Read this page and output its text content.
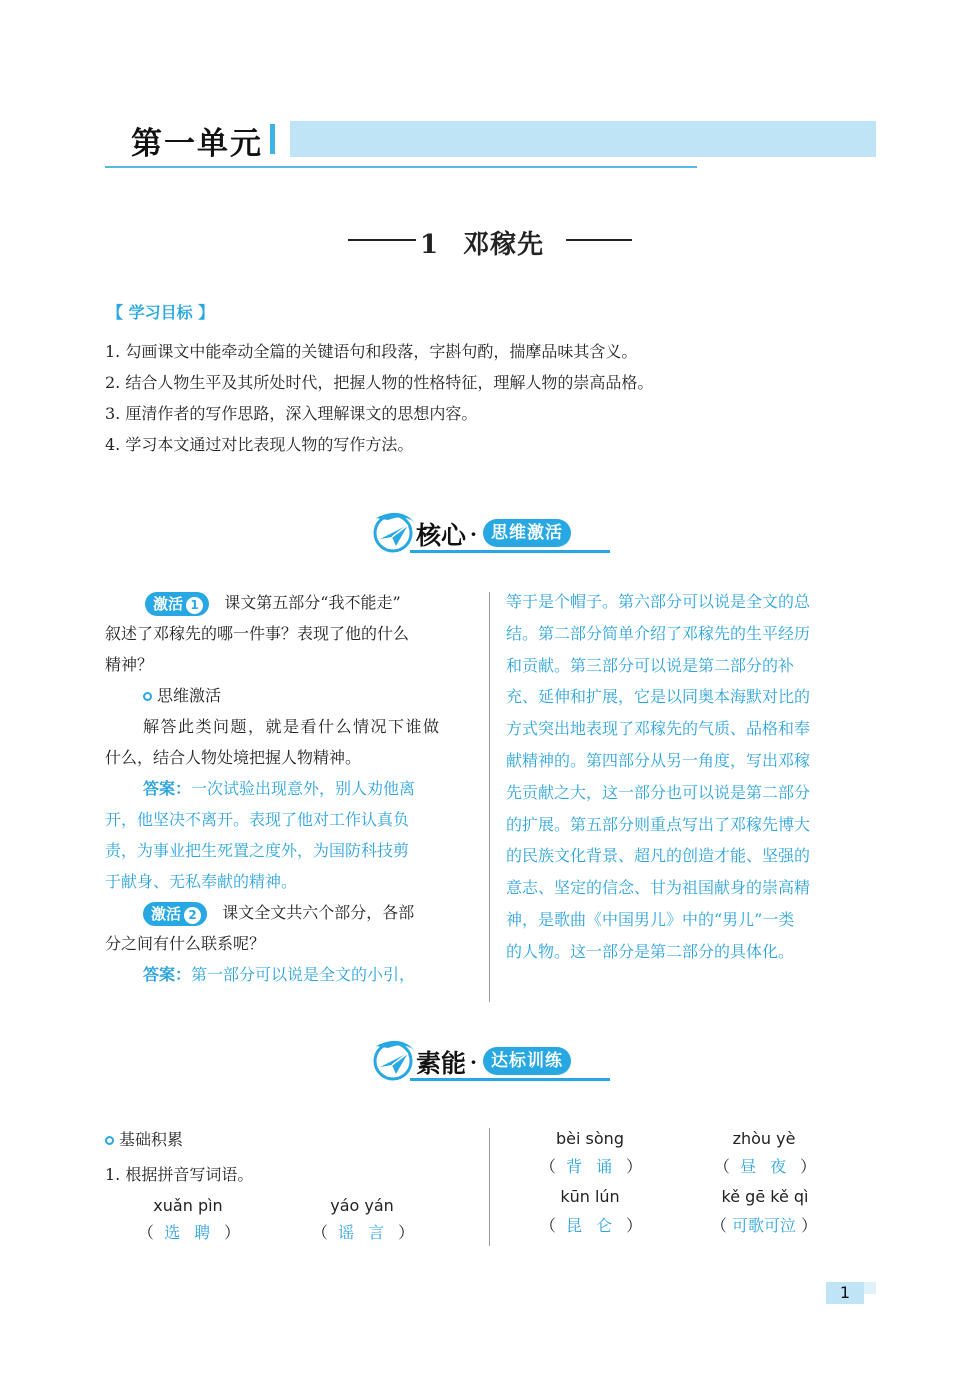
第一单元
1 邓稼先
【 学习目标 】
1. 勾画课文中能牵动全篇的关键语句和段落，字斟句酌，揣摩品味其含义。
2. 结合人物生平及其所处时代，把握人物的性格特征，理解人物的崇高品格。
3. 厘清作者的写作思路，深入理解课文的思想内容。
4. 学习本文通过对比表现人物的写作方法。
核心 · 思维激活
激活 1 课文第五部分“我不能走”
叙述了邓稼先的哪一件事？表现了他的什么
精神？
思维激活
解答此类问题，就是看什么情况下谁做
什么，结合人物处境把握人物精神。
答案：一次试验出现意外，别人劝他离
开，他坚决不离开。表现了他对工作认真负
责，为事业把生死置之度外，为国防科技剪
于献身、无私奉献的精神。
激活 2 课文全文共六个部分，各部
分之间有什么联系呢？
答案：第一部分可以说是全文的小引，
等于是个帽子。第六部分可以说是全文的总
结。第二部分简单介绍了邓稼先的生平经历
和贡献。第三部分可以说是第二部分的补
充、延伸和扩展，它是以同奥本海默对比的
方式突出地表现了邓稼先的气质、品格和奉
献精神的。第四部分从另一角度，写出邓稼
先贡献之大，这一部分也可以说是第二部分
的扩展。第五部分则重点写出了邓稼先博大
的民族文化背景、超凡的创造才能、坚强的
意志、坚定的信念、甘为祖国献身的崇高精
神，是歌曲《中国男儿》中的“男儿”一类
的人物。这一部分是第二部分的具体化。
素能 · 达标训练
基础积累
1. 根据拼音写词语。
xuǎn pìn
（ 选聘）
yáo yán
（ 谣言）
bèi sòng
（ 背诵）
zhòu yè
（ 昼夜）
kūn lún
（ 昆仑）
kě gē kě qì
（ 可歌可泣 ）
1
